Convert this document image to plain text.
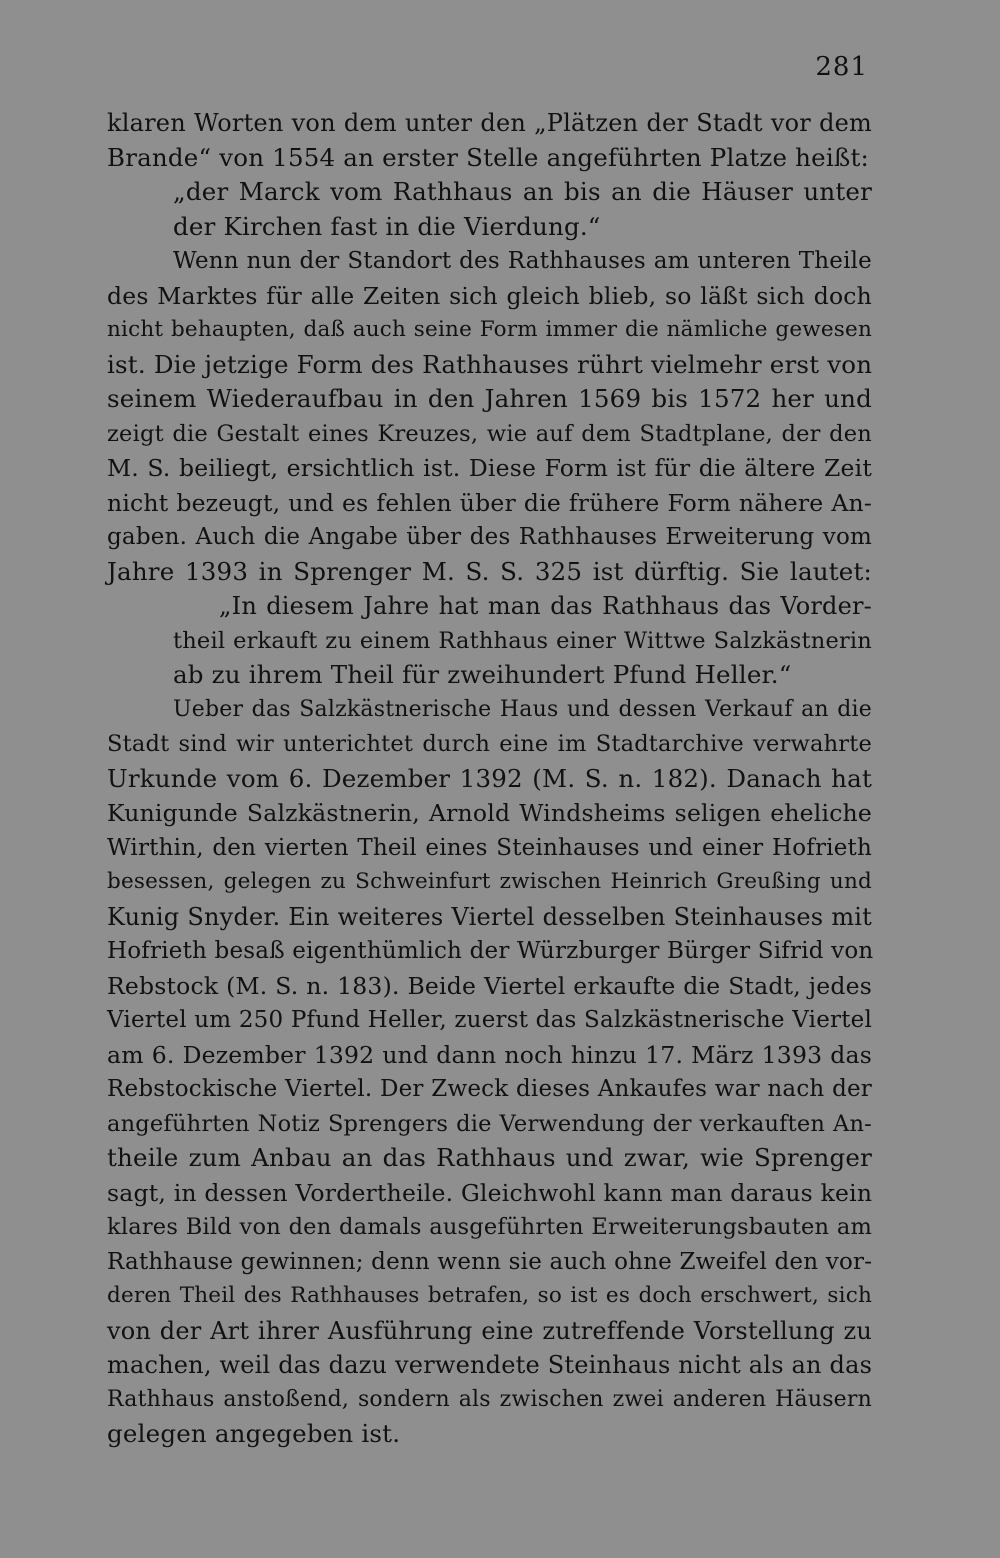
281
klaren Worten von dem unter den „Plätzen der Stadt vor dem
Brande“ von 1554 an erster Stelle angeführten Platze heißt:
„der Marck vom Rathhaus an bis an die Häuser unter
der Kirchen fast in die Vierdung.“
Wenn nun der Standort des Rathhauses am unteren Theile
des Marktes für alle Zeiten sich gleich blieb, so läßt sich doch
nicht behaupten, daß auch seine Form immer die nämliche gewesen
ist. Die jetzige Form des Rathhauses rührt vielmehr erst von
seinem Wiederaufbau in den Jahren 1569 bis 1572 her und
zeigt die Gestalt eines Kreuzes, wie auf dem Stadtplane, der den
M. S. beiliegt, ersichtlich ist. Diese Form ist für die ältere Zeit
nicht bezeugt, und es fehlen über die frühere Form nähere An-
gaben. Auch die Angabe über des Rathhauses Erweiterung vom
Jahre 1393 in Sprenger M. S. S. 325 ist dürftig. Sie lautet:
„In diesem Jahre hat man das Rathhaus das Vorder-
theil erkauft zu einem Rathhaus einer Wittwe Salzkästnerin
ab zu ihrem Theil für zweihundert Pfund Heller.“
Ueber das Salzkästnerische Haus und dessen Verkauf an die
Stadt sind wir unterichtet durch eine im Stadtarchive verwahrte
Urkunde vom 6. Dezember 1392 (M. S. n. 182). Danach hat
Kunigunde Salzkästnerin, Arnold Windsheims seligen eheliche
Wirthin, den vierten Theil eines Steinhauses und einer Hofrieth
besessen, gelegen zu Schweinfurt zwischen Heinrich Greußing und
Kunig Snyder. Ein weiteres Viertel desselben Steinhauses mit
Hofrieth besaß eigenthümlich der Würzburger Bürger Sifrid von
Rebstock (M. S. n. 183). Beide Viertel erkaufte die Stadt, jedes
Viertel um 250 Pfund Heller, zuerst das Salzkästnerische Viertel
am 6. Dezember 1392 und dann noch hinzu 17. März 1393 das
Rebstockische Viertel. Der Zweck dieses Ankaufes war nach der
angeführten Notiz Sprengers die Verwendung der verkauften An-
theile zum Anbau an das Rathhaus und zwar, wie Sprenger
sagt, in dessen Vordertheile. Gleichwohl kann man daraus kein
klares Bild von den damals ausgeführten Erweiterungsbauten am
Rathhause gewinnen; denn wenn sie auch ohne Zweifel den vor-
deren Theil des Rathhauses betrafen, so ist es doch erschwert, sich
von der Art ihrer Ausführung eine zutreffende Vorstellung zu
machen, weil das dazu verwendete Steinhaus nicht als an das
Rathhaus anstoßend, sondern als zwischen zwei anderen Häusern
gelegen angegeben ist.
